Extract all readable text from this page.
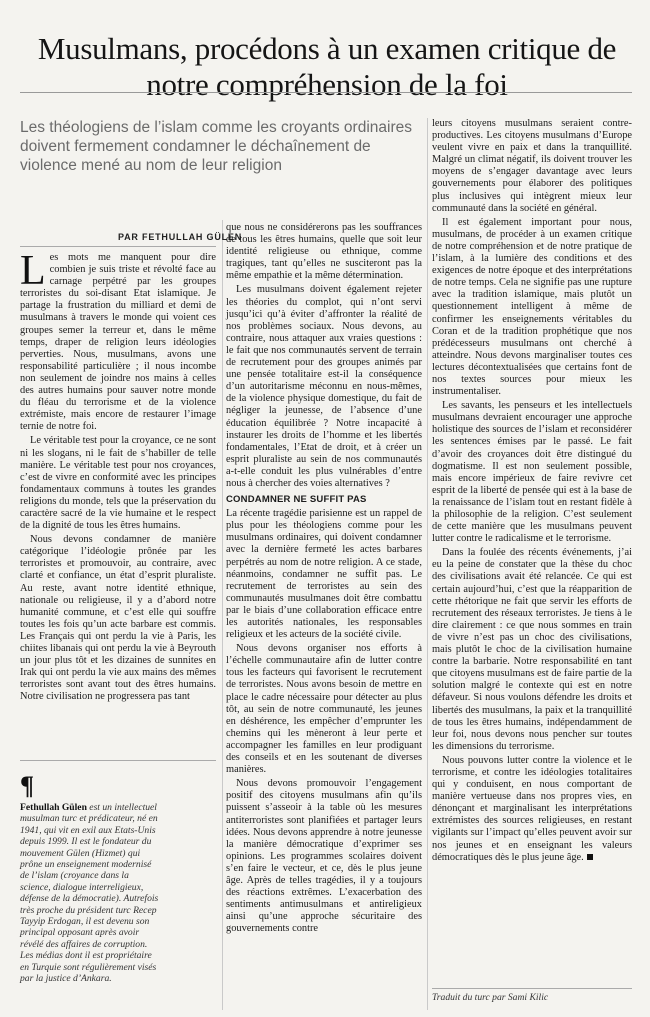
Musulmans, procédons à un examen critique de notre compréhension de la foi
Les théologiens de l’islam comme les croyants ordinaires doivent fermement condamner le déchaînement de violence mené au nom de leur religion
PAR FETHULLAH GÜLEN

Les mots me manquent pour dire combien je suis triste et révolté face au carnage perpétré par les groupes terroristes du soi-disant Etat islamique. Je partage la frustration du milliard et demi de musulmans à travers le monde qui voient ces groupes semer la terreur et, dans le même temps, draper de religion leurs idéologies perverties. Nous, musulmans, avons une responsabilité particulière ; il nous incombe non seulement de joindre nos mains à celles des autres humains pour sauver notre monde du fléau du terrorisme et de la violence extrémiste, mais encore de restaurer l’image ternie de notre foi.

Le véritable test pour la croyance, ce ne sont ni les slogans, ni le fait de s’habiller de telle manière. Le véritable test pour nos croyances, c’est de vivre en conformité avec les principes fondamentaux communs à toutes les grandes religions du monde, tels que la préservation du caractère sacré de la vie humaine et le respect de la dignité de tous les êtres humains.

Nous devons condamner de manière catégorique l’idéologie prônée par les terroristes et promouvoir, au contraire, avec clarté et confiance, un état d’esprit pluraliste. Au reste, avant notre identité ethnique, nationale ou religieuse, il y a d’abord notre humanité commune, et c’est elle qui souffre toutes les fois qu’un acte barbare est commis. Les Français qui ont perdu la vie à Paris, les chiites libanais qui ont perdu la vie à Beyrouth un jour plus tôt et les dizaines de sunnites en Irak qui ont perdu la vie aux mains des mêmes terroristes sont avant tout des êtres humains. Notre civilisation ne progressera pas tant

¶
Fethullah Gülen est un intellectuel musulman turc et prédicateur, né en 1941, qui vit en exil aux Etats-Unis depuis 1999. Il est le fondateur du mouvement Gülen (Hizmet) qui prône un enseignement modernisé de l’islam (croyance dans la science, dialogue interreligieux, défense de la démocratie). Autrefois très proche du président turc Recep Tayyip Erdogan, il est devenu son principal opposant après avoir révélé des affaires de corruption. Les médias dont il est propriétaire en Turquie sont régulièrement visés par la justice d’Ankara.

que nous ne considérerons pas les souffrances de tous les êtres humains, quelle que soit leur identité religieuse ou ethnique, comme tragiques, tant qu’elles ne susciteront pas la même empathie et la même détermination.

Les musulmans doivent également rejeter les théories du complot, qui n’ont servi jusqu’ici qu’à éviter d’affronter la réalité de nos problèmes sociaux. Nous devons, au contraire, nous attaquer aux vraies questions : le fait que nos communautés servent de terrain de recrutement pour des groupes animés par une pensée totalitaire est-il la conséquence d’un autoritarisme méconnu en nous-mêmes, de la violence physique domestique, du fait de négliger la jeunesse, de l’absence d’une éducation équilibrée ? Notre incapacité à instaurer les droits de l’homme et les libertés fondamentales, l’Etat de droit, et à créer un esprit pluraliste au sein de nos communautés a-t-elle conduit les plus vulnérables d’entre nous à chercher des voies alternatives ?

CONDAMNER NE SUFFIT PAS

La récente tragédie parisienne est un rappel de plus pour les théologiens comme pour les musulmans ordinaires, qui doivent condamner avec la dernière fermeté les actes barbares perpétrés au nom de notre religion. A ce stade, néanmoins, condamner ne suffit pas. Le recrutement de terroristes au sein des communautés musulmanes doit être combattu par le biais d’une collaboration efficace entre les autorités nationales, les responsables religieux et les acteurs de la société civile.

Nous devons organiser nos efforts à l’échelle communautaire afin de lutter contre tous les facteurs qui favorisent le recrutement de terroristes. Nous avons besoin de mettre en place le cadre nécessaire pour détecter au plus tôt, au sein de notre communauté, les jeunes en déshérence, les empêcher d’emprunter les chemins qui les mèneront à leur perte et accompagner les familles en leur prodiguant des conseils et en les soutenant de diverses manières.

Nous devons promouvoir l’engagement positif des citoyens musulmans afin qu’ils puissent s’asseoir à la table où les mesures antiterroristes sont planifiées et partager leurs idées. Nous devons apprendre à notre jeunesse la manière démocratique d’exprimer ses opinions. Les programmes scolaires doivent s’en faire le vecteur, et ce, dès le plus jeune âge. Après de telles tragédies, il y a toujours des réactions extrêmes. L’exacerbation des sentiments antimusulmans et antireligieux ainsi qu’une approche sécuritaire des gouvernements contre

leurs citoyens musulmans seraient contre-productives. Les citoyens musulmans d’Europe veulent vivre en paix et dans la tranquillité. Malgré un climat négatif, ils doivent trouver les moyens de s’engager davantage avec leurs gouvernements pour élaborer des politiques plus inclusives qui intègrent mieux leur communauté dans la société en général.

Il est également important pour nous, musulmans, de procéder à un examen critique de notre compréhension et de notre pratique de l’islam, à la lumière des conditions et des exigences de notre époque et des interprétations de notre temps. Cela ne signifie pas une rupture avec la tradition islamique, mais plutôt un questionnement intelligent à même de confirmer les enseignements véritables du Coran et de la tradition prophétique que nos prédécesseurs musulmans ont cherché à atteindre. Nous devons marginaliser toutes ces lectures décontextualisées que certains font de nos textes sources pour mieux les instrumentaliser.

Les savants, les penseurs et les intellectuels musulmans devraient encourager une approche holistique des sources de l’islam et reconsidérer les sentences émises par le passé. Le fait d’avoir des croyances doit être distingué du dogmatisme. Il est non seulement possible, mais encore impérieux de faire revivre cet esprit de la liberté de pensée qui est à la base de la renaissance de l’islam tout en restant fidèle à la philosophie de la religion. C’est seulement de cette manière que les musulmans peuvent lutter contre le radicalisme et le terrorisme.

Dans la foulée des récents événements, j’ai eu la peine de constater que la thèse du choc des civilisations avait été relancée. Ce qui est certain aujourd’hui, c’est que la réapparition de cette rhétorique ne fait que servir les efforts de recrutement des réseaux terroristes. Je tiens à le dire clairement : ce que nous sommes en train de vivre n’est pas un choc des civilisations, mais plutôt le choc de la civilisation humaine contre la barbarie. Notre responsabilité en tant que citoyens musulmans est de faire partie de la solution malgré le contexte qui est en notre défaveur. Si nous voulons défendre les droits et libertés des musulmans, la paix et la tranquillité de tous les êtres humains, indépendamment de leur foi, nous devons nous pencher sur toutes les dimensions du terrorisme.

Nous pouvons lutter contre la violence et le terrorisme, et contre les idéologies totalitaires qui y conduisent, en nous comportant de manière vertueuse dans nos propres vies, en dénonçant et marginalisant les interprétations extrémistes des sources religieuses, en restant vigilants sur l’impact qu’elles peuvent avoir sur nos jeunes et en enseignant les valeurs démocratiques dès le plus jeune âge.

Traduit du turc par Sami Kilic
